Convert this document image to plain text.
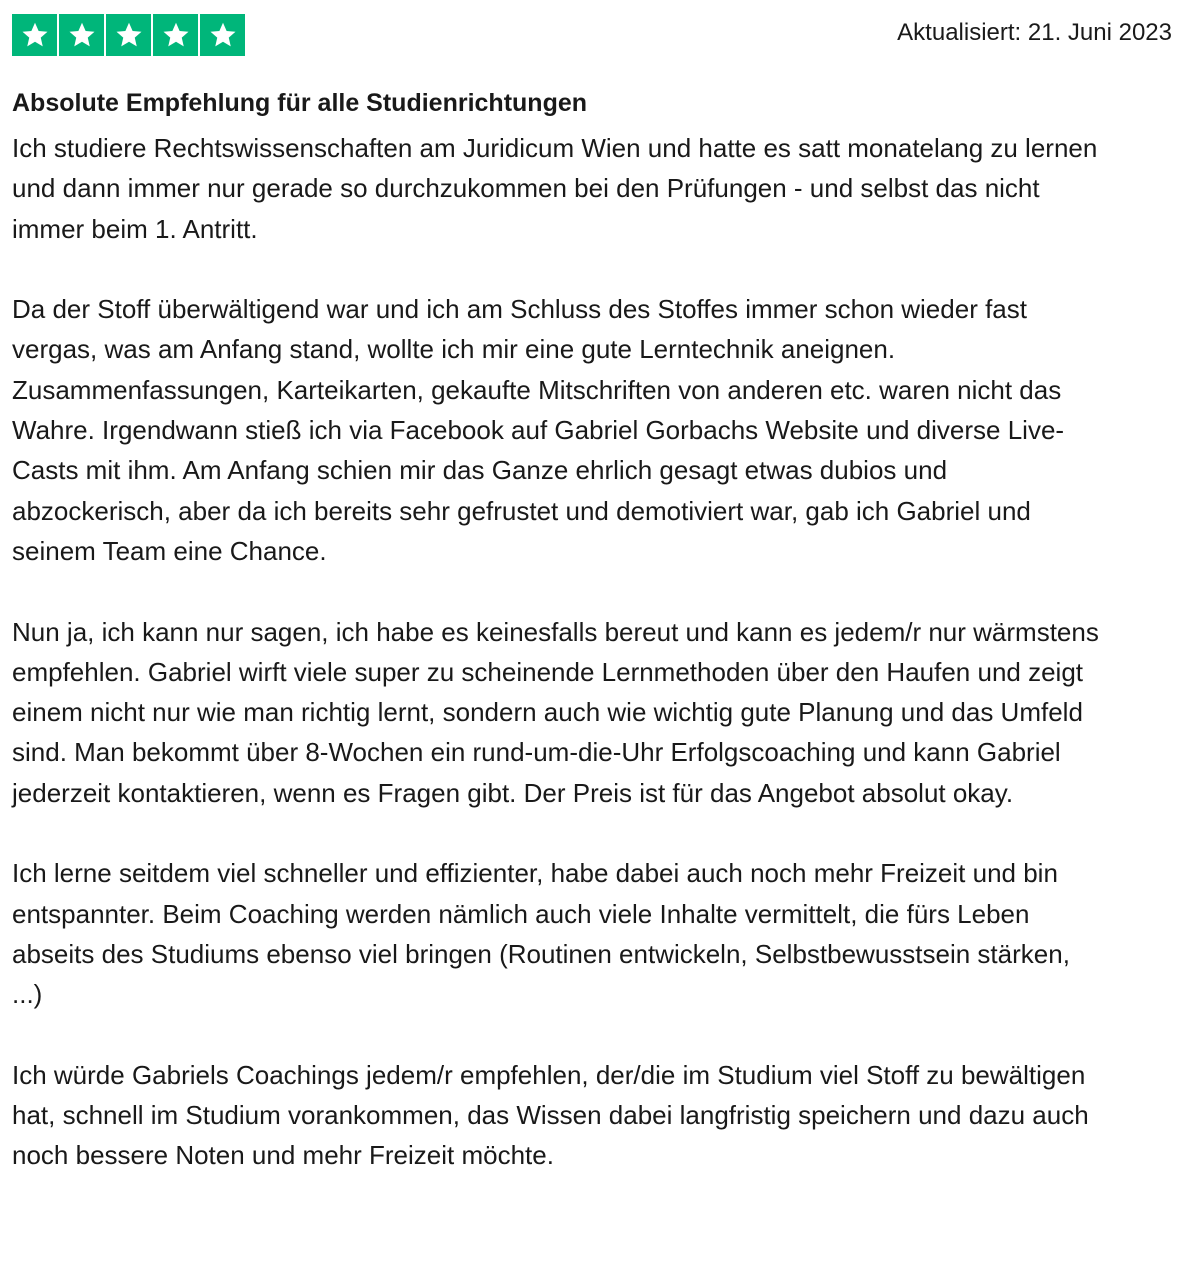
Aktualisiert: 21. Juni 2023
Absolute Empfehlung für alle Studienrichtungen

Ich studiere Rechtswissenschaften am Juridicum Wien und hatte es satt monatelang zu lernen und dann immer nur gerade so durchzukommen bei den Prüfungen - und selbst das nicht immer beim 1. Antritt.

Da der Stoff überwältigend war und ich am Schluss des Stoffes immer schon wieder fast vergas, was am Anfang stand, wollte ich mir eine gute Lerntechnik aneignen. Zusammenfassungen, Karteikarten, gekaufte Mitschriften von anderen etc. waren nicht das Wahre. Irgendwann stieß ich via Facebook auf Gabriel Gorbachs Website und diverse Live-Casts mit ihm. Am Anfang schien mir das Ganze ehrlich gesagt etwas dubios und abzockerisch, aber da ich bereits sehr gefrustet und demotiviert war, gab ich Gabriel und seinem Team eine Chance.

Nun ja, ich kann nur sagen, ich habe es keinesfalls bereut und kann es jedem/r nur wärmstens empfehlen. Gabriel wirft viele super zu scheinende Lernmethoden über den Haufen und zeigt einem nicht nur wie man richtig lernt, sondern auch wie wichtig gute Planung und das Umfeld sind. Man bekommt über 8-Wochen ein rund-um-die-Uhr Erfolgscoaching und kann Gabriel jederzeit kontaktieren, wenn es Fragen gibt. Der Preis ist für das Angebot absolut okay.

Ich lerne seitdem viel schneller und effizienter, habe dabei auch noch mehr Freizeit und bin entspannter. Beim Coaching werden nämlich auch viele Inhalte vermittelt, die fürs Leben abseits des Studiums ebenso viel bringen (Routinen entwickeln, Selbstbewusstsein stärken, ...)

Ich würde Gabriels Coachings jedem/r empfehlen, der/die im Studium viel Stoff zu bewältigen hat, schnell im Studium vorankommen, das Wissen dabei langfristig speichern und dazu auch noch bessere Noten und mehr Freizeit möchte.
